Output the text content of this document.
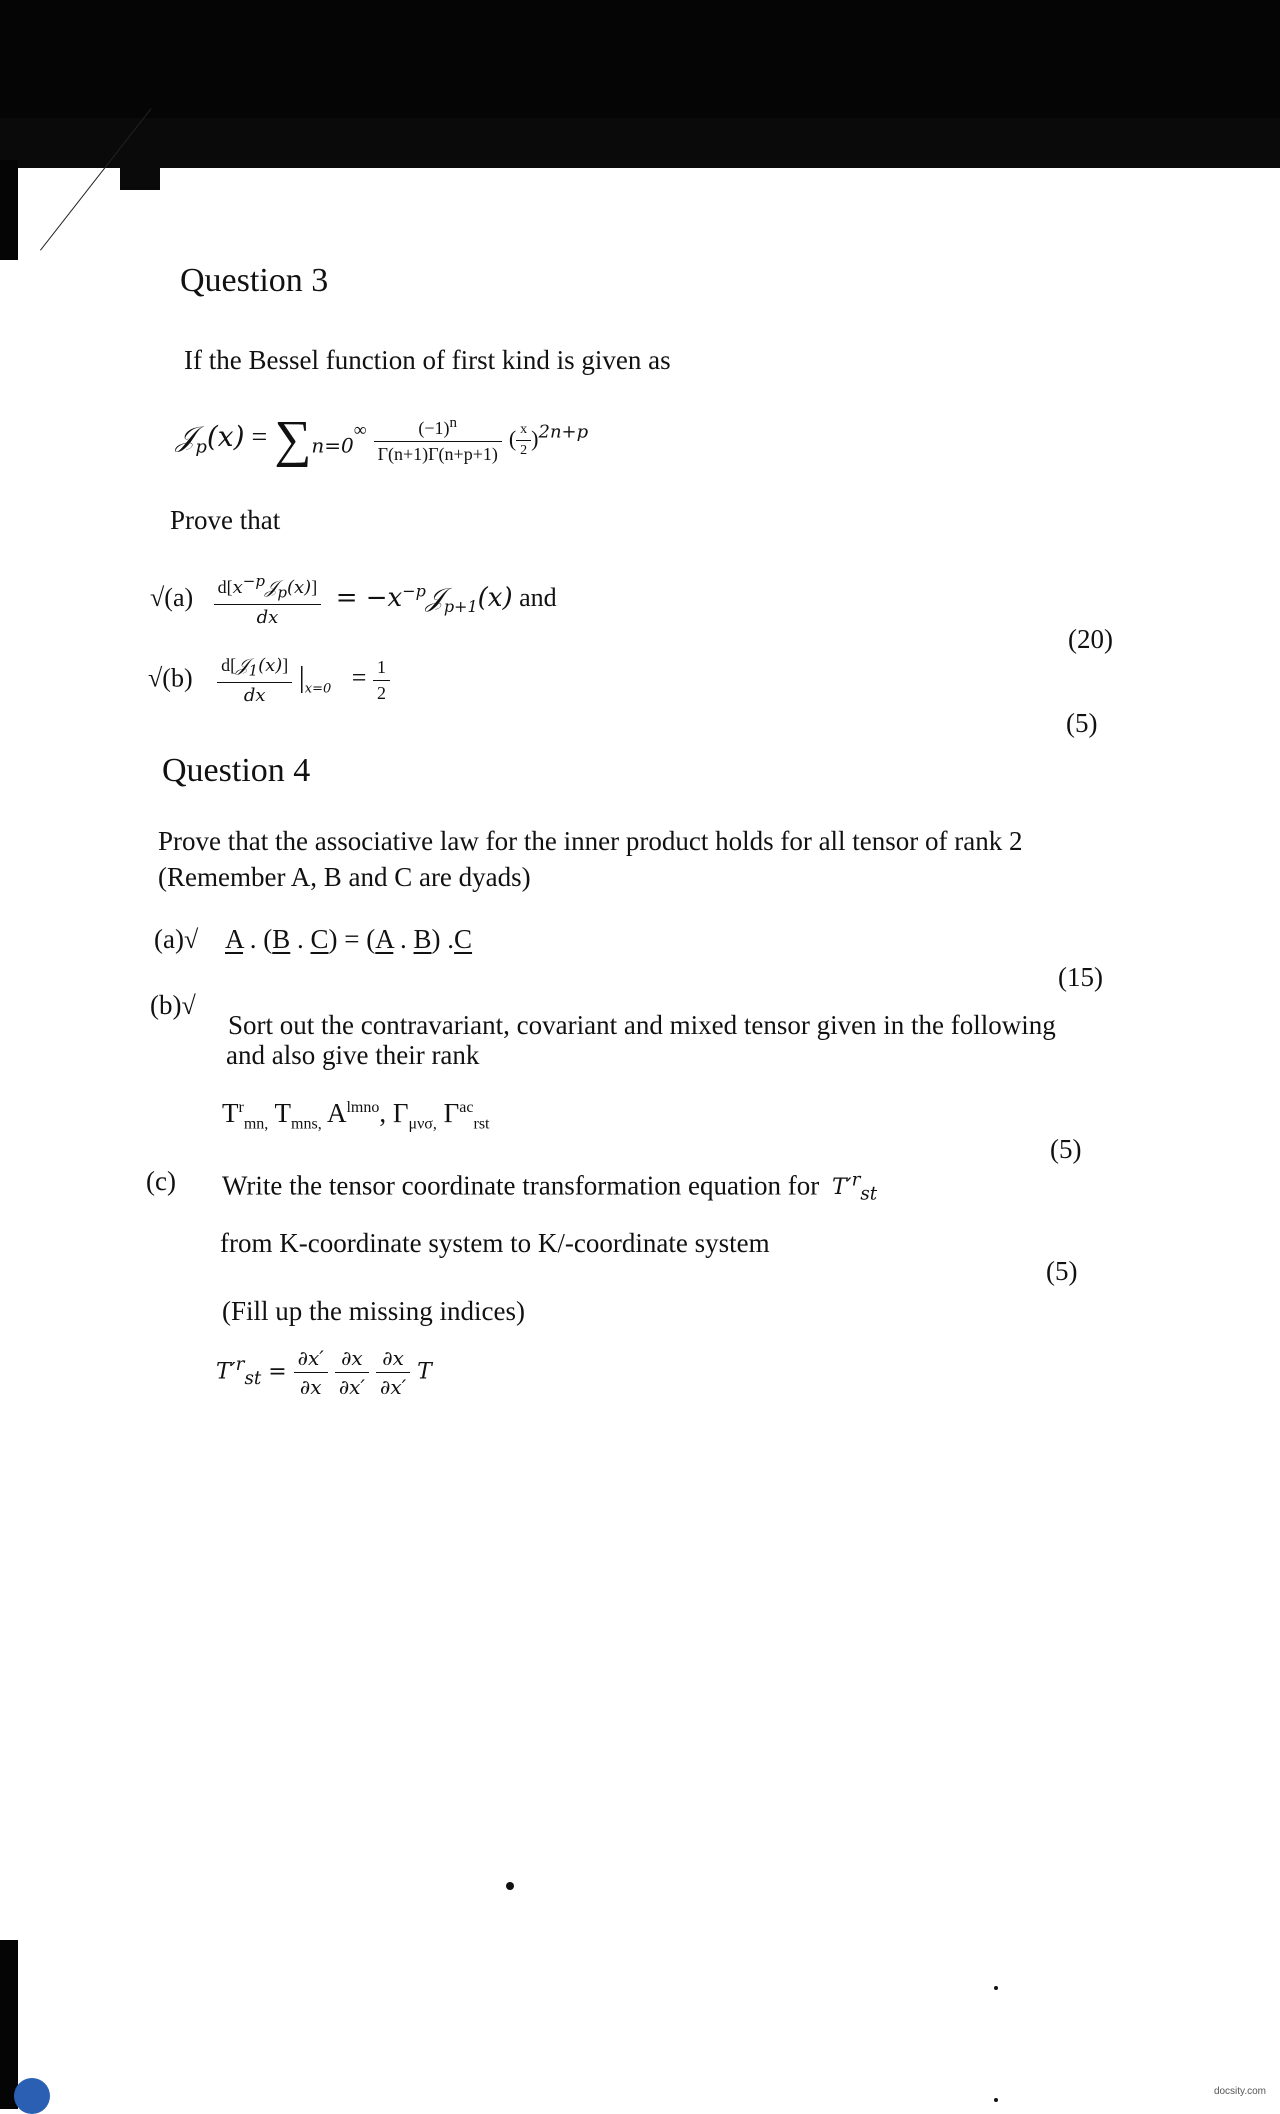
Question 3
If the Bessel function of first kind is given as
𝒥$_p$(x) = $\sum_{n=0}^\infty \frac{(-1)^n}{\Gamma(n+1)\Gamma(n+p+1)}$ ( $\frac{x}{2} )^{2n+p}$
Prove that
$√(a) \frac{d[x^{-p}𝒥_p(x)]}{dx}$ = $-x^{-p}𝒥_{p+1}(x)$ and
(20)
$√(b) \frac{d[𝒥_1(x)]}{dx} |_{x=0} = \frac{1}{2}$
(5)
Question 4
Prove that the associative law for the inner product holds for all tensor of rank 2
(Remember A, B and C are dyads)
(a)√ A . (B . C) = (A . B) .C
(15)
(b)√
Sort out the contravariant, covariant and mixed tensor given in the following
and also give their rank
$T^r_{mn,}$ $T_{mns,}$ $A^{lmno}$, $\Gamma_{\mu\nu\sigma,}$ $\Gamma^{ac}_{rst}$
(5)
(c) Write the tensor coordinate transformation equation for $T'^r_{st}$
from K-coordinate system to K/-coordinate system
(5)
(Fill up the missing indices)
$T'^r_{st} = \frac{\partial x'}{\partial x}$
$\frac{\partial x}{\partial x'}$
$\frac{\partial x}{\partial x'}$ T
docsity.com
